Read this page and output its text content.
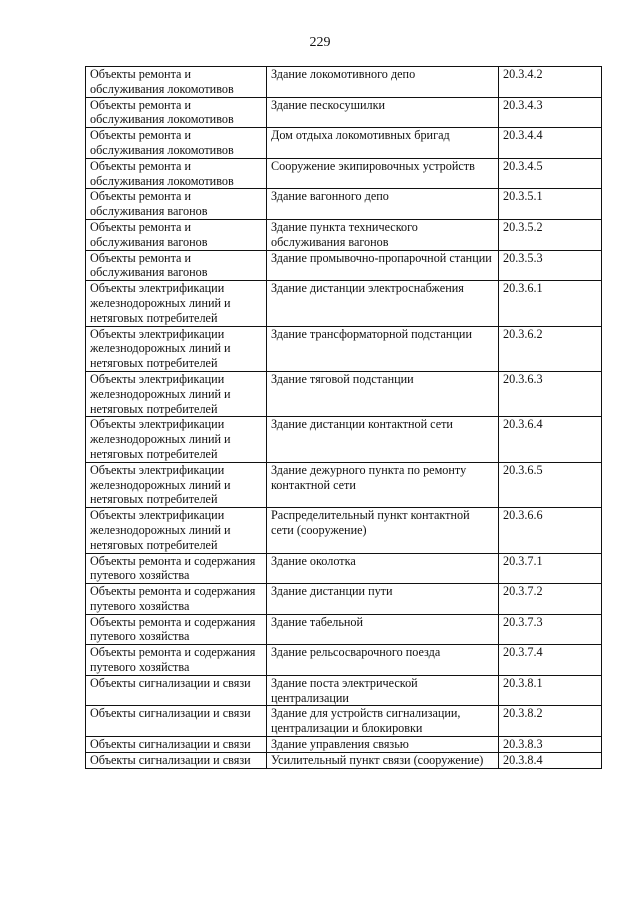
229
Объекты ремонта и обслуживания локомотивов	Здание локомотивного депо	20.3.4.2
Объекты ремонта и обслуживания локомотивов	Здание пескосушилки	20.3.4.3
Объекты ремонта и обслуживания локомотивов	Дом отдыха локомотивных бригад	20.3.4.4
Объекты ремонта и обслуживания локомотивов	Сооружение экипировочных устройств	20.3.4.5
Объекты ремонта и обслуживания вагонов	Здание вагонного депо	20.3.5.1
Объекты ремонта и обслуживания вагонов	Здание пункта технического обслуживания вагонов	20.3.5.2
Объекты ремонта и обслуживания вагонов	Здание промывочно-пропарочной станции	20.3.5.3
Объекты электрификации железнодорожных линий и нетяговых потребителей	Здание дистанции электроснабжения	20.3.6.1
Объекты электрификации железнодорожных линий и нетяговых потребителей	Здание трансформаторной подстанции	20.3.6.2
Объекты электрификации железнодорожных линий и нетяговых потребителей	Здание тяговой подстанции	20.3.6.3
Объекты электрификации железнодорожных линий и нетяговых потребителей	Здание дистанции контактной сети	20.3.6.4
Объекты электрификации железнодорожных линий и нетяговых потребителей	Здание дежурного пункта по ремонту контактной сети	20.3.6.5
Объекты электрификации железнодорожных линий и нетяговых потребителей	Распределительный пункт контактной сети (сооружение)	20.3.6.6
Объекты ремонта и содержания путевого хозяйства	Здание околотка	20.3.7.1
Объекты ремонта и содержания путевого хозяйства	Здание дистанции пути	20.3.7.2
Объекты ремонта и содержания путевого хозяйства	Здание табельной	20.3.7.3
Объекты ремонта и содержания путевого хозяйства	Здание рельсосварочного поезда	20.3.7.4
Объекты сигнализации и связи	Здание поста электрической централизации	20.3.8.1
Объекты сигнализации и связи	Здание для устройств сигнализации, централизации и блокировки	20.3.8.2
Объекты сигнализации и связи	Здание управления связью	20.3.8.3
Объекты сигнализации и связи	Усилительный пункт связи (сооружение)	20.3.8.4
